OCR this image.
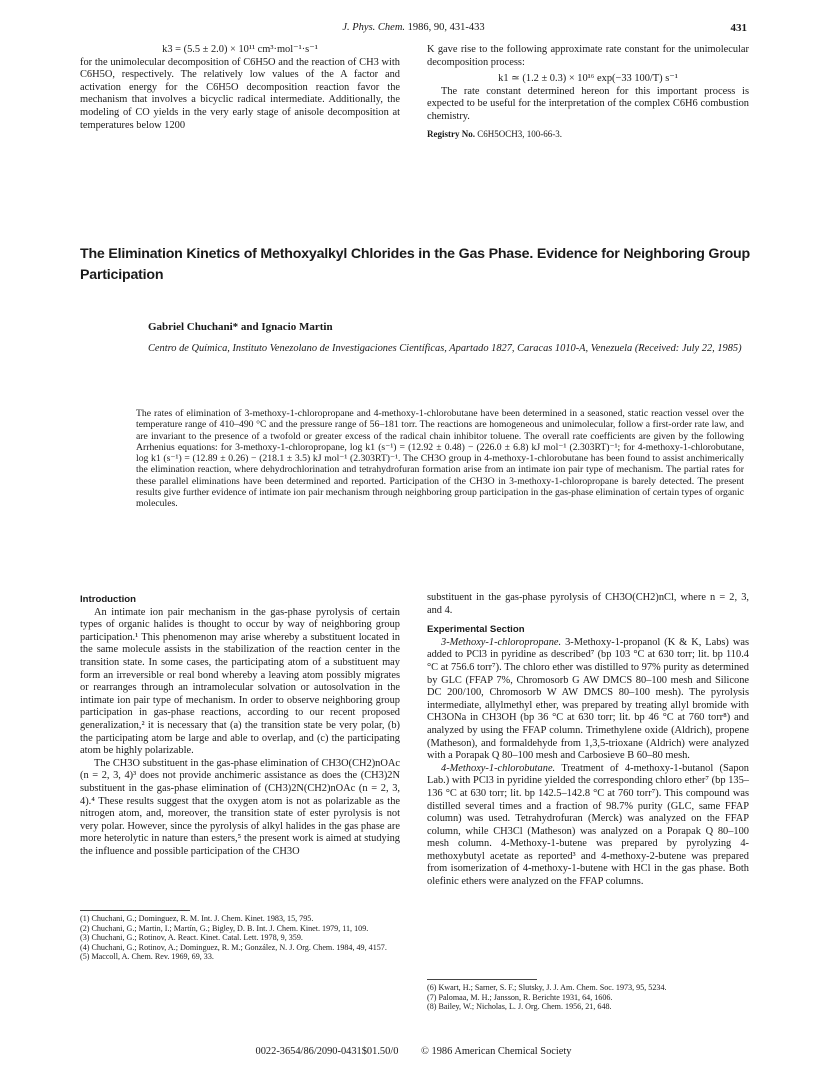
J. Phys. Chem. 1986, 90, 431-433	431

k3 = (5.5 ± 2.0) × 10¹¹ cm³·mol⁻¹·s⁻¹

for the unimolecular decomposition of C6H5O and the reaction of CH3 with C6H5O, respectively. The relatively low values of the A factor and activation energy for the C6H5O decomposition reaction favor the mechanism that involves a bicyclic radical intermediate. Additionally, the modeling of CO yields in the very early stage of anisole decomposition at temperatures below 1200

K gave rise to the following approximate rate constant for the unimolecular decomposition process:

k1 ≃ (1.2 ± 0.3) × 10¹⁶ exp(−33 100/T) s⁻¹

The rate constant determined hereon for this important process is expected to be useful for the interpretation of the complex C6H6 combustion chemistry.

Registry No. C6H5OCH3, 100-66-3.

The Elimination Kinetics of Methoxyalkyl Chlorides in the Gas Phase. Evidence for Neighboring Group Participation
Gabriel Chuchani* and Ignacio Martin
Centro de Química, Instituto Venezolano de Investigaciones Científicas, Apartado 1827, Caracas 1010-A, Venezuela (Received: July 22, 1985)
The rates of elimination of 3-methoxy-1-chloropropane and 4-methoxy-1-chlorobutane have been determined in a seasoned, static reaction vessel over the temperature range of 410–490 °C and the pressure range of 56–181 torr. The reactions are homogeneous and unimolecular, follow a first-order rate law, and are invariant to the presence of a twofold or greater excess of the radical chain inhibitor toluene. The overall rate coefficients are given by the following Arrhenius equations: for 3-methoxy-1-chloropropane, log k1 (s⁻¹) = (12.92 ± 0.48) − (226.0 ± 6.8) kJ mol⁻¹ (2.303RT)⁻¹; for 4-methoxy-1-chlorobutane, log k1 (s⁻¹) = (12.89 ± 0.26) − (218.1 ± 3.5) kJ mol⁻¹ (2.303RT)⁻¹. The CH3O group in 4-methoxy-1-chlorobutane has been found to assist anchimerically the elimination reaction, where dehydrochlorination and tetrahydrofuran formation arise from an intimate ion pair type of mechanism. The partial rates for these parallel eliminations have been determined and reported. Participation of the CH3O in 3-methoxy-1-chloropropane is barely detected. The present results give further evidence of intimate ion pair mechanism through neighboring group participation in the gas-phase elimination of certain types of organic molecules.

Introduction

An intimate ion pair mechanism in the gas-phase pyrolysis of certain types of organic halides is thought to occur by way of neighboring group participation.¹ This phenomenon may arise whereby a substituent located in the same molecule assists in the stabilization of the reaction center in the transition state. In some cases, the participating atom of a substituent may form an irreversible or real bond whereby a leaving atom possibly migrates or rearranges through an intramolecular solvation or autosolvation in the intimate ion pair type of mechanism. In order to observe neighboring group participation in gas-phase reactions, according to our recent proposed generalization,² it is necessary that (a) the transition state be very polar, (b) the participating atom be large and able to overlap, and (c) the participating atom be highly polarizable.

The CH3O substituent in the gas-phase elimination of CH3O(CH2)nOAc (n = 2, 3, 4)³ does not provide anchimeric assistance as does the (CH3)2N substituent in the gas-phase elimination of (CH3)2N(CH2)nOAc (n = 2, 3, 4).⁴ These results suggest that the oxygen atom is not as polarizable as the nitrogen atom, and, moreover, the transition state of ester pyrolysis is not very polar. However, since the pyrolysis of alkyl halides in the gas phase are more heterolytic in nature than esters,⁵ the present work is aimed at studying the influence and possible participation of the CH3O

substituent in the gas-phase pyrolysis of CH3O(CH2)nCl, where n = 2, 3, and 4.

Experimental Section

3-Methoxy-1-chloropropane. 3-Methoxy-1-propanol (K & K, Labs) was added to PCl3 in pyridine as described⁷ (bp 103 °C at 630 torr; lit. bp 110.4 °C at 756.6 torr⁷). The chloro ether was distilled to 97% purity as determined by GLC (FFAP 7%, Chromosorb G AW DMCS 80–100 mesh and Silicone DC 200/100, Chromosorb W AW DMCS 80–100 mesh). The pyrolysis intermediate, allylmethyl ether, was prepared by treating allyl bromide with CH3ONa in CH3OH (bp 36 °C at 630 torr; lit. bp 46 °C at 760 torr⁸) and analyzed by using the FFAP column. Trimethylene oxide (Aldrich), propene (Matheson), and formaldehyde from 1,3,5-trioxane (Aldrich) were analyzed with a Porapak Q 80–100 mesh and Carbosieve B 60–80 mesh.

4-Methoxy-1-chlorobutane. Treatment of 4-methoxy-1-butanol (Sapon Lab.) with PCl3 in pyridine yielded the corresponding chloro ether⁷ (bp 135–136 °C at 630 torr; lit. bp 142.5–142.8 °C at 760 torr⁷). This compound was distilled several times and a fraction of 98.7% purity (GLC, same FFAP column) was used. Tetrahydrofuran (Merck) was analyzed on the FFAP column, while CH3Cl (Matheson) was analyzed on a Porapak Q 80–100 mesh column. 4-Methoxy-1-butene was prepared by pyrolyzing 4-methoxybutyl acetate as reported³ and 4-methoxy-2-butene was prepared from isomerization of 4-methoxy-1-butene with HCl in the gas phase. Both olefinic ethers were analyzed on the FFAP columns.

(1) Chuchani, G.; Dominguez, R. M. Int. J. Chem. Kinet. 1983, 15, 795.

(2) Chuchani, G.; Martin, I.; Martín, G.; Bigley, D. B. Int. J. Chem. Kinet. 1979, 11, 109.

(3) Chuchani, G.; Rotinov, A. React. Kinet. Catal. Lett. 1978, 9, 359.

(4) Chuchani, G.; Rotinov, A.; Dominguez, R. M.; González, N. J. Org. Chem. 1984, 49, 4157.

(5) Maccoll, A. Chem. Rev. 1969, 69, 33.

(6) Kwart, H.; Sarner, S. F.; Slutsky, J. J. Am. Chem. Soc. 1973, 95, 5234.

(7) Palomaa, M. H.; Jansson, R. Berichte 1931, 64, 1606.

(8) Bailey, W.; Nicholas, L. J. Org. Chem. 1956, 21, 648.

0022-3654/86/2090-0431$01.50/0 © 1986 American Chemical Society
